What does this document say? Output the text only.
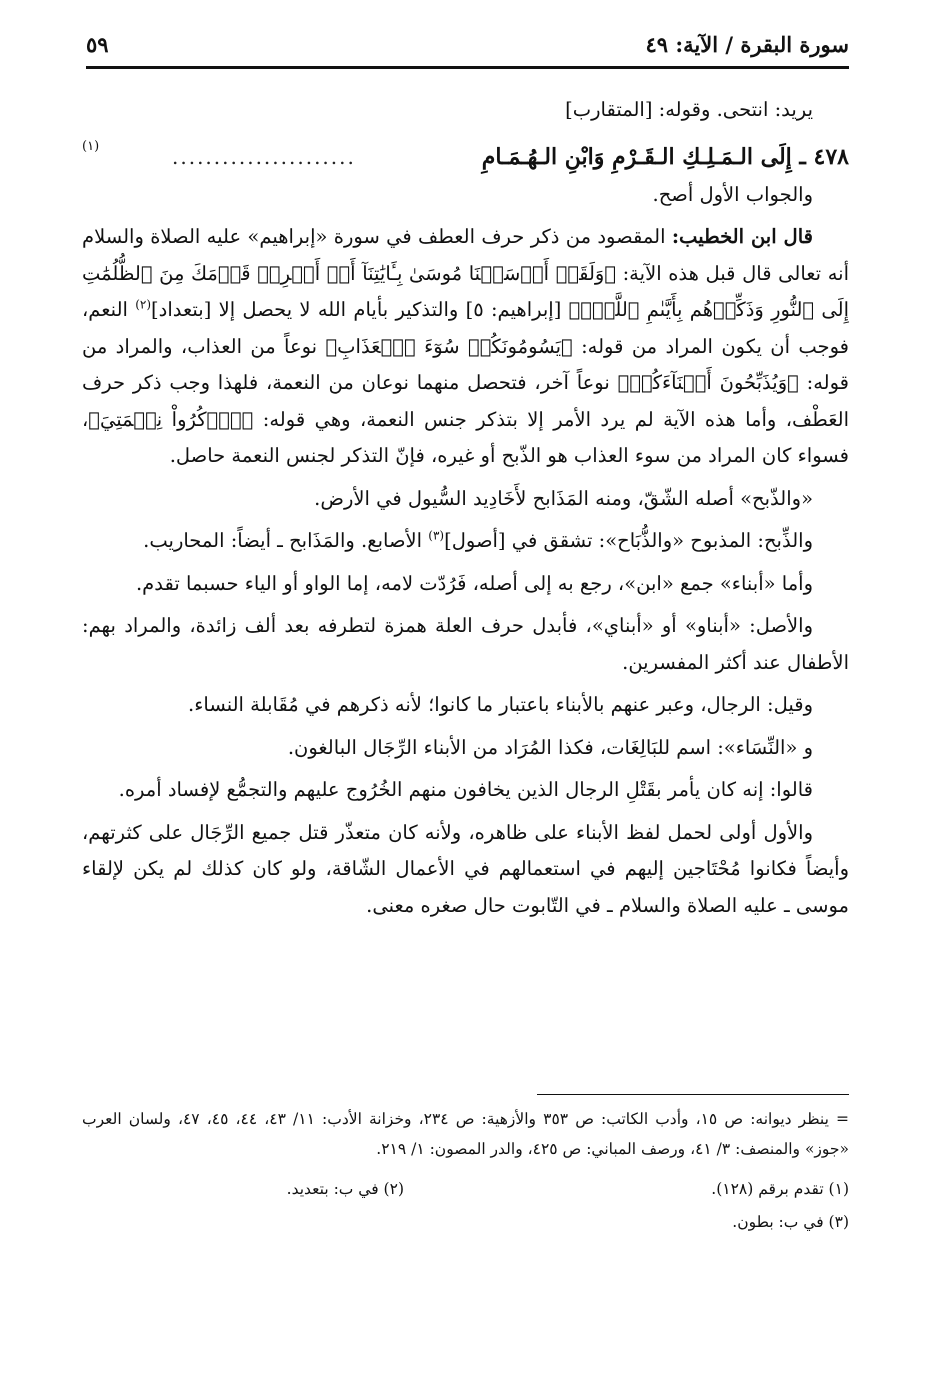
سورة البقرة / الآية: ٤٩
٥٩

يريد: انتحى. وقوله: [المتقارب]

٤٧٨ ـ إِلَى الـمَـلِـكِ الـقَـرْمِ وَابْنِ الـهُـمَـامِ
......................
(١)

والجواب الأول أصح.

قال ابن الخطيب: المقصود من ذكر حرف العطف في سورة «إبراهيم» عليه الصلاة والسلام أنه تعالى قال قبل هذه الآية: ﴿وَلَقَدۡ أَرۡسَلۡنَا مُوسَىٰ بِـَٔايَٰتِنَآ أَنۡ أَخۡرِجۡ قَوۡمَكَ مِنَ ٱلظُّلُمَٰتِ إِلَى ٱلنُّورِ وَذَكِّرۡهُم بِأَيَّىٰمِ ٱللَّهِۚ﴾ [إبراهيم: ٥] والتذكير بأيام الله لا يحصل إلا [بتعداد]$^{(٢)}$ النعم، فوجب أن يكون المراد من قوله: ﴿يَسُومُونَكُمۡ سُوٓءَ ٱلۡعَذَابِ﴾ نوعاً من العذاب، والمراد من قوله: ﴿وَيُذَبِّحُونَ أَبۡنَآءَكُمۡ﴾ نوعاً آخر، فتحصل منهما نوعان من النعمة، فلهذا وجب ذكر حرف العَطْف، وأما هذه الآية لم يرد الأمر إلا بتذكر جنس النعمة، وهي قوله: ﴿ٱذۡكُرُواْ نِعۡمَتِيَ﴾، فسواء كان المراد من سوء العذاب هو الذّبح أو غيره، فإنّ التذكر لجنس النعمة حاصل.

«والذّبح» أصله الشّقّ، ومنه المَذَابح لأَخَادِيد السُّيول في الأرض.

والذِّبح: المذبوح «والذُّبَاح»: تشقق في [أصول]$^{(٣)}$ الأصابع. والمَذَابح ـ أيضاً: المحاريب.

وأما «أبناء» جمع «ابن»، رجع به إلى أصله، فَرُدّت لامه، إما الواو أو الياء حسبما تقدم.

والأصل: «أبناو» أو «أبناي»، فأبدل حرف العلة همزة لتطرفه بعد ألف زائدة، والمراد بهم: الأطفال عند أكثر المفسرين.

وقيل: الرجال، وعبر عنهم بالأبناء باعتبار ما كانوا؛ لأنه ذكرهم في مُقَابلة النساء.

و «النِّسَاء»: اسم للبَالِغَات، فكذا المُرَاد من الأبناء الرِّجَال البالغون.

قالوا: إنه كان يأمر بقَتْلِ الرجال الذين يخافون منهم الخُرُوج عليهم والتجمُّع لإفساد أمره.

والأول أولى لحمل لفظ الأبناء على ظاهره، ولأنه كان متعذّر قتل جميع الرِّجَال على كثرتهم، وأيضاً فكانوا مُحْتَاجين إليهم في استعمالهم في الأعمال الشّاقة، ولو كان كذلك لم يكن لإلقاء موسى ـ عليه الصلاة والسلام ـ في التّابوت حال صغره معنى.

= ينظر ديوانه: ص ١٥، وأدب الكاتب: ص ٣٥٣ والأزهية: ص ٢٣٤، وخزانة الأدب: ١١/ ٤٣، ٤٤، ٤٥، ٤٧، ولسان العرب «جوز» والمنصف: ٣/ ٤١، ورصف المباني: ص ٤٢٥، والدر المصون: ١/ ٢١٩.

(١) تقدم برقم (١٢٨).
(٢) في ب: بتعديد.
(٣) في ب: بطون.
